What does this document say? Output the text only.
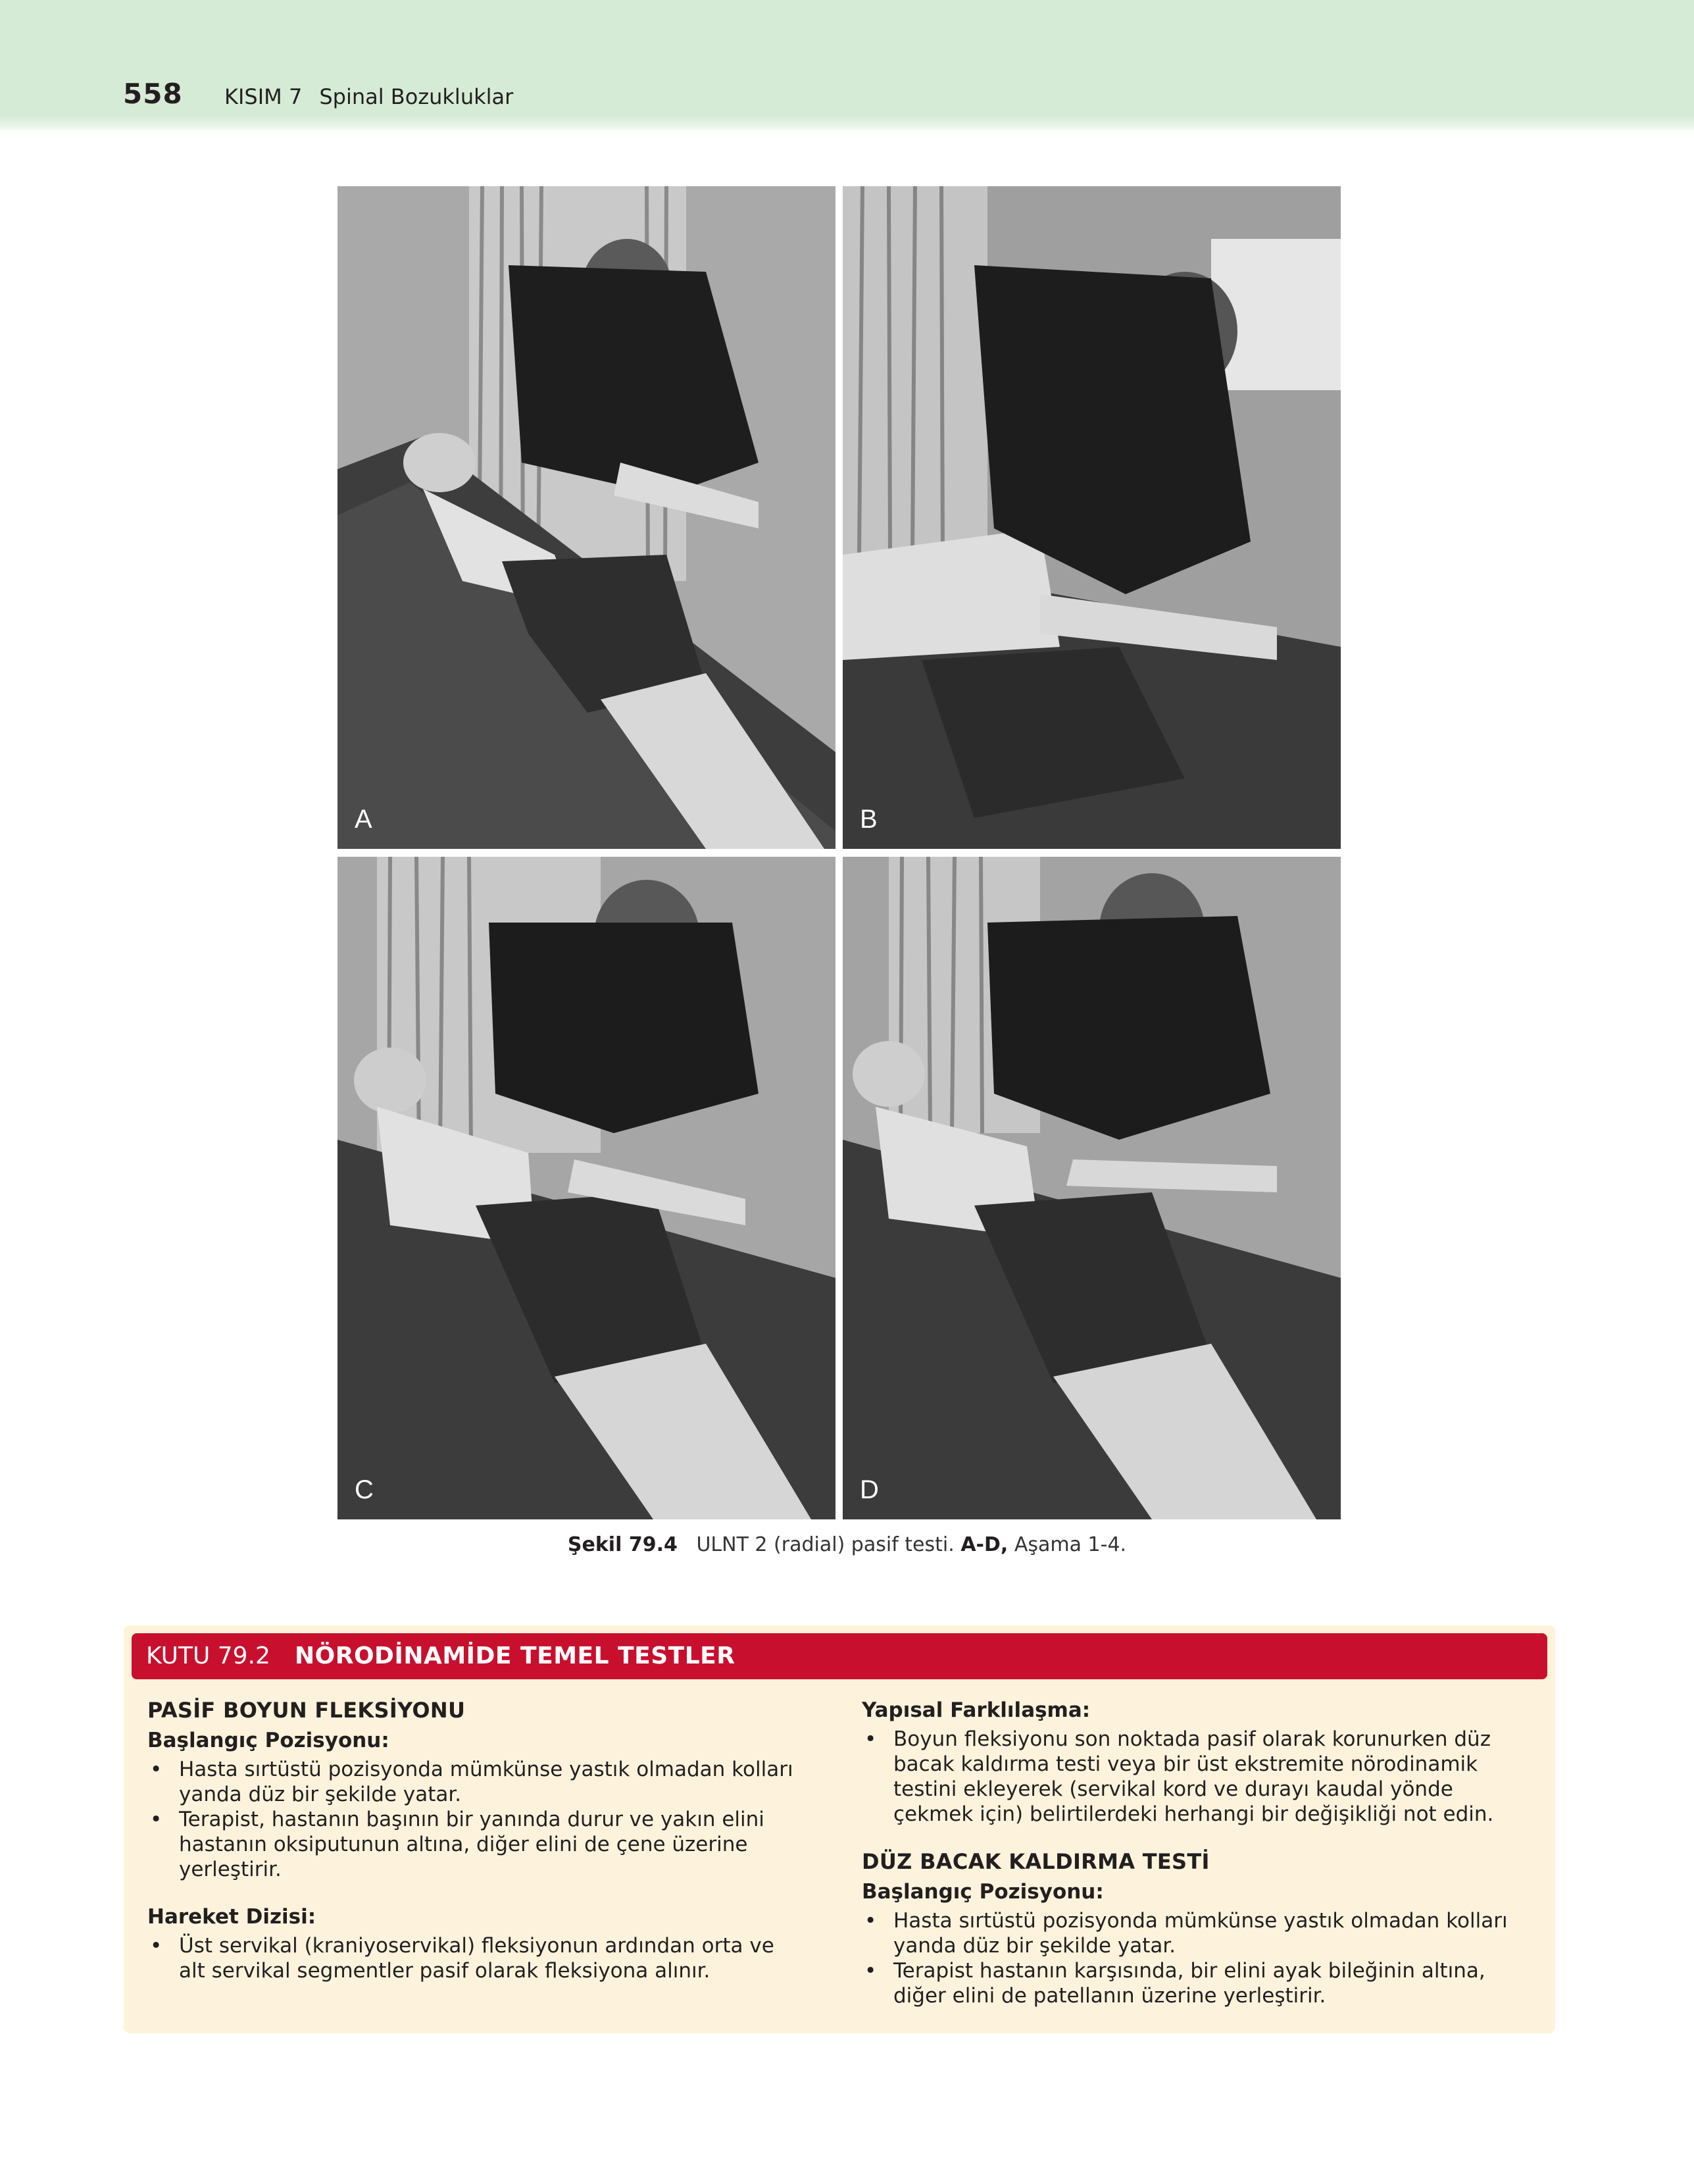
558 KISIM 7 Spinal Bozukluklar
A	B
C	D
Şekil 79.4 ULNT 2 (radial) pasif testi. A-D, Aşama 1-4.
KUTU 79.2 NÖRODİNAMİDE TEMEL TESTLER
PASİF BOYUN FLEKSİYONU
Başlangıç Pozisyonu:
• Hasta sırtüstü pozisyonda mümkünse yastık olmadan kolları yanda düz bir şekilde yatar.
• Terapist, hastanın başının bir yanında durur ve yakın elini hastanın oksiputunun altına, diğer elini de çene üzerine yerleştirir.
Hareket Dizisi:
• Üst servikal (kraniyoservikal) fleksiyonun ardından orta ve alt servikal segmentler pasif olarak fleksiyona alınır.
Yapısal Farklılaşma:
• Boyun fleksiyonu son noktada pasif olarak korunurken düz bacak kaldırma testi veya bir üst ekstremite nörodinamik testini ekleyerek (servikal kord ve durayı kaudal yönde çekmek için) belirtilerdeki herhangi bir değişikliği not edin.
DÜZ BACAK KALDIRMA TESTİ
Başlangıç Pozisyonu:
• Hasta sırtüstü pozisyonda mümkünse yastık olmadan kolları yanda düz bir şekilde yatar.
• Terapist hastanın karşısında, bir elini ayak bileğinin altına, diğer elini de patellanın üzerine yerleştirir.
